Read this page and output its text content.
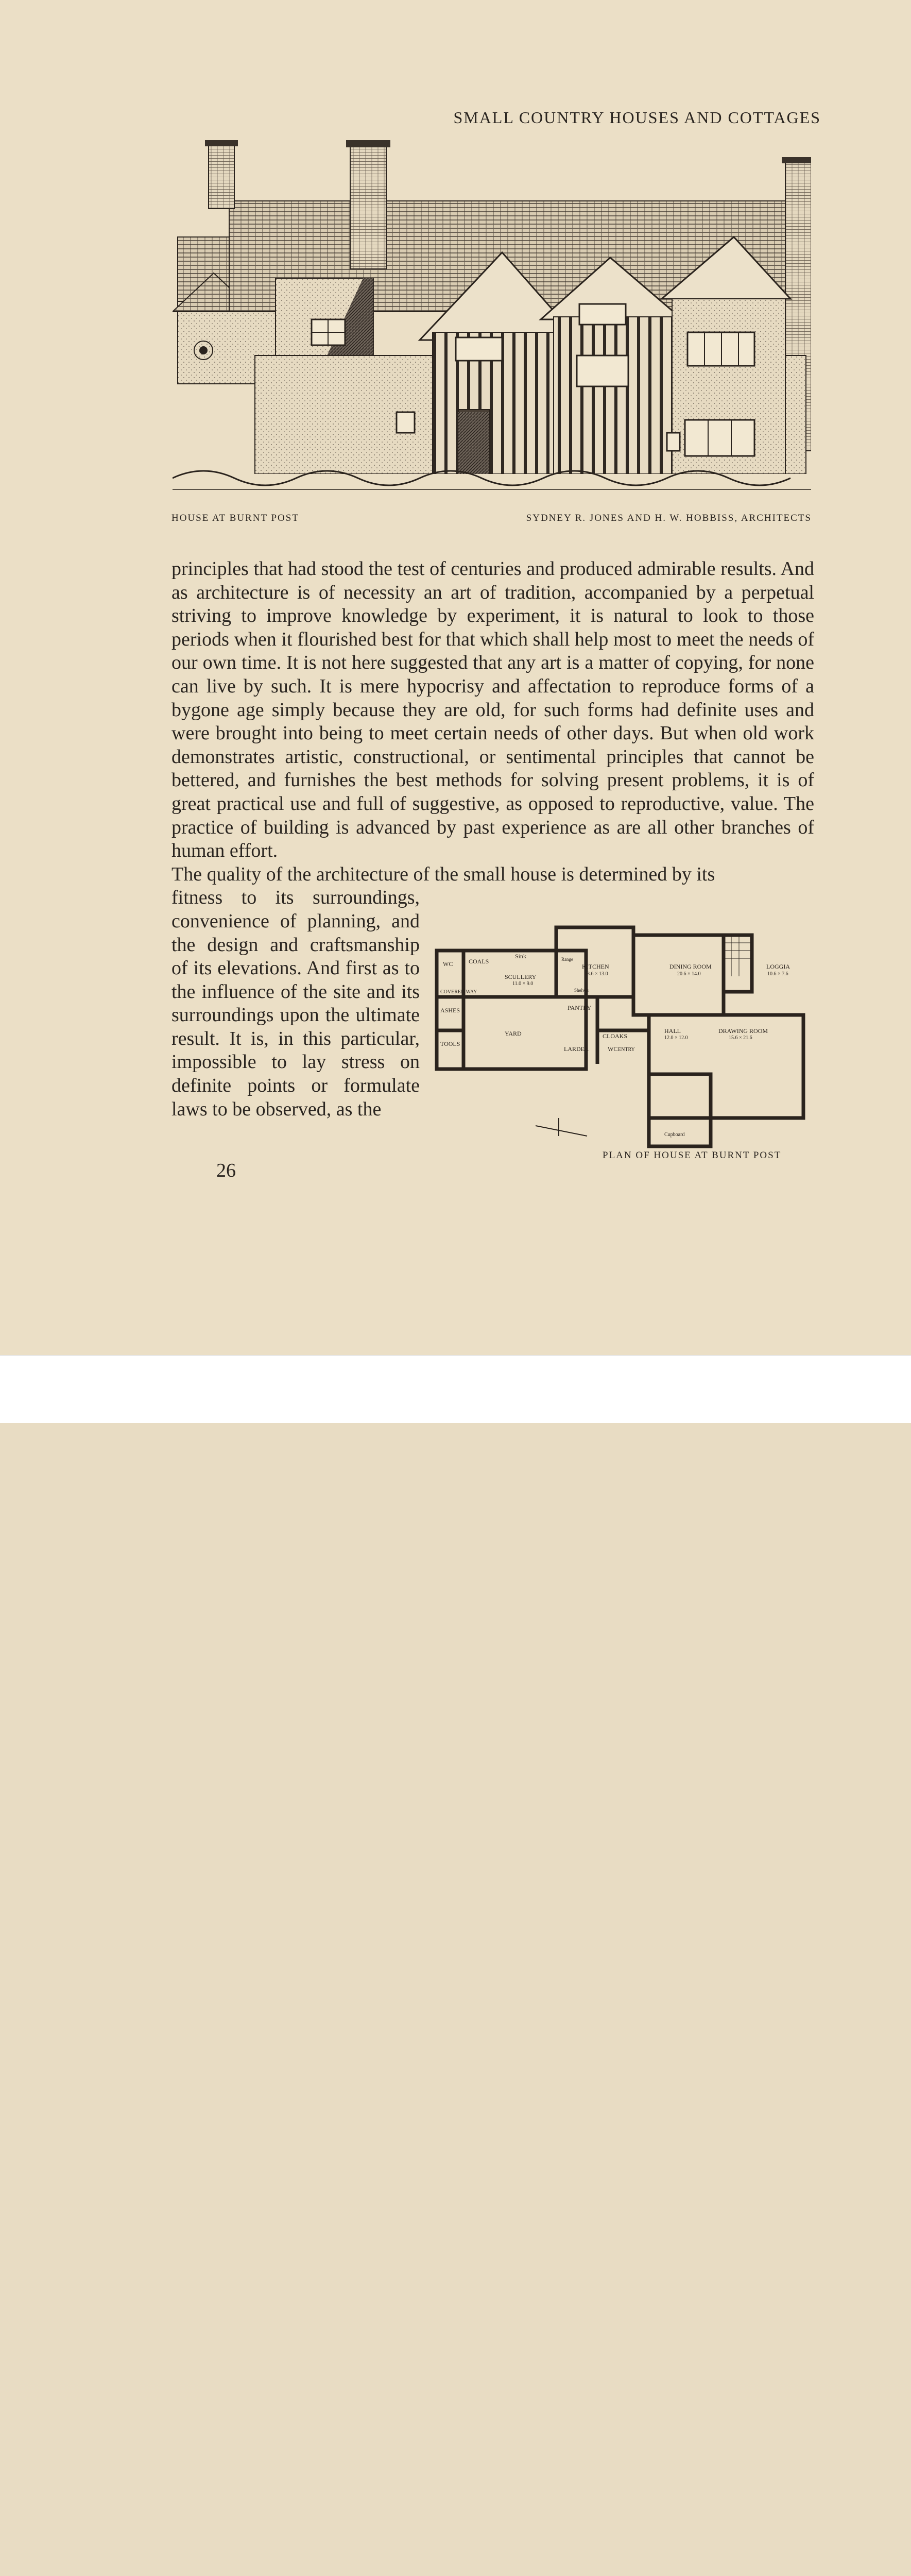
SMALL COUNTRY HOUSES AND COTTAGES
HOUSE AT BURNT POST	SYDNEY R. JONES AND H. W. HOBBISS, ARCHITECTS

principles that had stood the test of centuries and produced admirable results. And as architecture is of necessity an art of tradition, accompanied by a perpetual striving to improve knowledge by experiment, it is natural to look to those periods when it flourished best for that which shall help most to meet the needs of our own time. It is not here suggested that any art is a matter of copying, for none can live by such. It is mere hypocrisy and affectation to reproduce forms of a bygone age simply because they are old, for such forms had definite uses and were brought into being to meet certain needs of other days. But when old work demonstrates artistic, constructional, or sentimental principles that cannot be bettered, and furnishes the best methods for solving present problems, it is of great practical use and full of suggestive, as opposed to reproductive, value. The practice of building is advanced by past experience as are all other branches of human effort.

The quality of the architecture of the small house is determined by its

fitness to its surroundings, convenience of planning, and the design and craftsmanship of its elevations. And first as to the influence of the site and its surroundings upon the ultimate result. It is, in this particular, impossible to lay stress on definite points or formulate laws to be observed, as the

WC	COALS
Sink
SCULLERY
11.0 × 9.0
KITCHEN
13.6 × 13.0
DINING ROOM
20.6 × 14.0
LOGGIA
10.6 × 7.6
COVERED WAY
PANTRY
ASHES
YARD
TOOLS
CLOAKS
LARDER	WC ENTRY
HALL
12.0 × 12.0
DRAWING ROOM
15.6 × 21.6
Cupboard
Range
Shelves
PLAN OF HOUSE AT BURNT POST
26
